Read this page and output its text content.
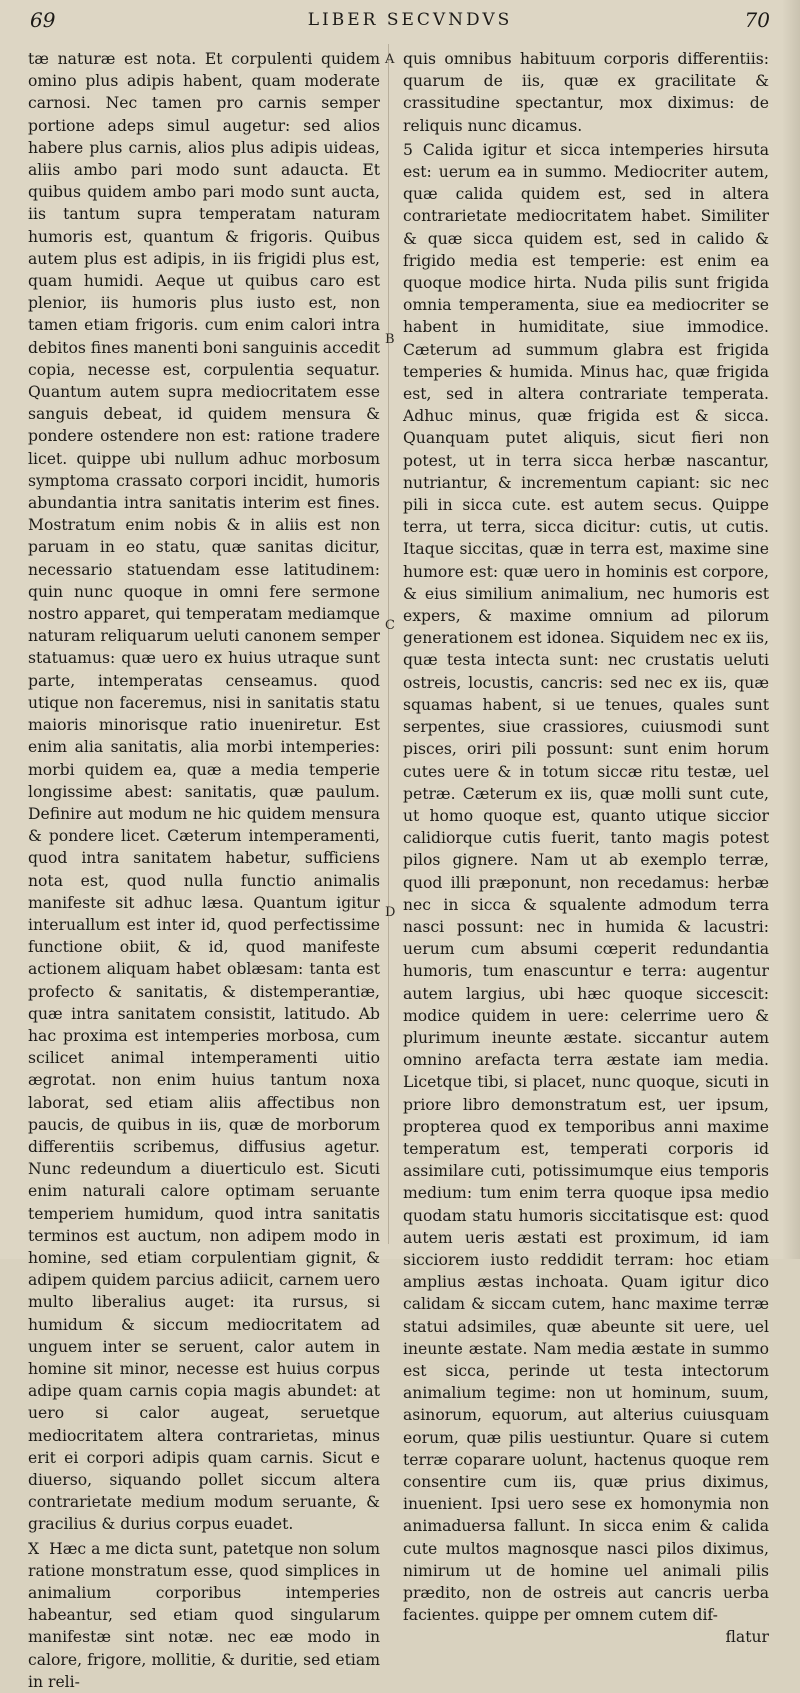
69	LIBER SECVNDVS	70
A
B
C
D

tæ naturæ est nota. Et corpulenti quidem omino plus adipis habent, quam moderate carnosi. Nec tamen pro carnis semper portione adeps simul augetur: sed alios habere plus carnis, alios plus adipis uideas, aliis ambo pari modo sunt adaucta. Et quibus quidem ambo pari modo sunt aucta, iis tantum supra temperatam naturam humoris est, quantum & frigoris. Quibus autem plus est adipis, in iis frigidi plus est, quam humidi. Aeque ut quibus caro est plenior, iis humoris plus iusto est, non tamen etiam frigoris. cum enim calori intra debitos fines manenti boni sanguinis accedit copia, necesse est, corpulentia sequatur. Quantum autem supra mediocritatem esse sanguis debeat, id quidem mensura & pondere ostendere non est: ratione tradere licet. quippe ubi nullum adhuc morbosum symptoma crassato corpori incidit, humoris abundantia intra sanitatis interim est fines. Mostratum enim nobis & in aliis est non paruam in eo statu, quæ sanitas dicitur, necessario statuendam esse latitudinem: quin nunc quoque in omni fere sermone nostro apparet, qui temperatam mediamque naturam reliquarum ueluti canonem semper statuamus: quæ uero ex huius utraque sunt parte, intemperatas censeamus. quod utique non faceremus, nisi in sanitatis statu maioris minorisque ratio inueniretur. Est enim alia sanitatis, alia morbi intemperies: morbi quidem ea, quæ a media temperie longissime abest: sanitatis, quæ paulum. Definire aut modum ne hic quidem mensura & pondere licet. Cæterum intemperamenti, quod intra sanitatem habetur, sufficiens nota est, quod nulla functio animalis manifeste sit adhuc læsa. Quantum igitur interuallum est inter id, quod perfectissime functione obiit, & id, quod manifeste actionem aliquam habet oblæsam: tanta est profecto & sanitatis, & distemperantiæ, quæ intra sanitatem consistit, latitudo. Ab hac proxima est intemperies morbosa, cum scilicet animal intemperamenti uitio ægrotat. non enim huius tantum noxa laborat, sed etiam aliis affectibus non paucis, de quibus in iis, quæ de morborum differentiis scribemus, diffusius agetur. Nunc redeundum a diuerticulo est. Sicuti enim naturali calore optimam seruante temperiem humidum, quod intra sanitatis terminos est auctum, non adipem modo in homine, sed etiam corpulentiam gignit, & adipem quidem parcius adiicit, carnem uero multo liberalius auget: ita rursus, si humidum & siccum mediocritatem ad unguem inter se seruent, calor autem in homine sit minor, necesse est huius corpus adipe quam carnis copia magis abundet: at uero si calor augeat, seruetque mediocritatem altera contrarietas, minus erit ei corpori adipis quam carnis. Sicut e diuerso, siquando pollet siccum altera contrarietate medium modum seruante, & gracilius & durius corpus euadet.

X Hæc a me dicta sunt, patetque non solum ratione monstratum esse, quod simplices in animalium corporibus intemperies habeantur, sed etiam quod singularum manifestæ sint notæ. nec eæ modo in calore, frigore, mollitie, & duritie, sed etiam in reli-

quis omnibus habituum corporis differentiis: quarum de iis, quæ ex gracilitate & crassitudine spectantur, mox diximus: de reliquis nunc dicamus.

5 Calida igitur et sicca intemperies hirsuta est: uerum ea in summo. Mediocriter autem, quæ calida quidem est, sed in altera contrarietate mediocritatem habet. Similiter & quæ sicca quidem est, sed in calido & frigido media est temperie: est enim ea quoque modice hirta. Nuda pilis sunt frigida omnia temperamenta, siue ea mediocriter se habent in humiditate, siue immodice. Cæterum ad summum glabra est frigida temperies & humida. Minus hac, quæ frigida est, sed in altera contrariate temperata. Adhuc minus, quæ frigida est & sicca. Quanquam putet aliquis, sicut fieri non potest, ut in terra sicca herbæ nascantur, nutriantur, & incrementum capiant: sic nec pili in sicca cute. est autem secus. Quippe terra, ut terra, sicca dicitur: cutis, ut cutis. Itaque siccitas, quæ in terra est, maxime sine humore est: quæ uero in hominis est corpore, & eius similium animalium, nec humoris est expers, & maxime omnium ad pilorum generationem est idonea. Siquidem nec ex iis, quæ testa intecta sunt: nec crustatis ueluti ostreis, locustis, cancris: sed nec ex iis, quæ squamas habent, si ue tenues, quales sunt serpentes, siue crassiores, cuiusmodi sunt pisces, oriri pili possunt: sunt enim horum cutes uere & in totum siccæ ritu testæ, uel petræ. Cæterum ex iis, quæ molli sunt cute, ut homo quoque est, quanto utique siccior calidiorque cutis fuerit, tanto magis potest pilos gignere. Nam ut ab exemplo terræ, quod illi præponunt, non recedamus: herbæ nec in sicca & squalente admodum terra nasci possunt: nec in humida & lacustri: uerum cum absumi cœperit redundantia humoris, tum enascuntur e terra: augentur autem largius, ubi hæc quoque siccescit: modice quidem in uere: celerrime uero & plurimum ineunte æstate. siccantur autem omnino arefacta terra æstate iam media. Licetque tibi, si placet, nunc quoque, sicuti in priore libro demonstratum est, uer ipsum, propterea quod ex temporibus anni maxime temperatum est, temperati corporis id assimilare cuti, potissimumque eius temporis medium: tum enim terra quoque ipsa medio quodam statu humoris siccitatisque est: quod autem ueris æstati est proximum, id iam sicciorem iusto reddidit terram: hoc etiam amplius æstas inchoata. Quam igitur dico calidam & siccam cutem, hanc maxime terræ statui adsimiles, quæ abeunte sit uere, uel ineunte æstate. Nam media æstate in summo est sicca, perinde ut testa intectorum animalium tegime: non ut hominum, suum, asinorum, equorum, aut alterius cuiusquam eorum, quæ pilis uestiuntur. Quare si cutem terræ coparare uolunt, hactenus quoque rem consentire cum iis, quæ prius diximus, inuenient. Ipsi uero sese ex homonymia non animaduersa fallunt. In sicca enim & calida cute multos magnosque nasci pilos diximus, nimirum ut de homine uel animali pilis prædito, non de ostreis aut cancris uerba facientes. quippe per omnem cutem dif-

flatur
